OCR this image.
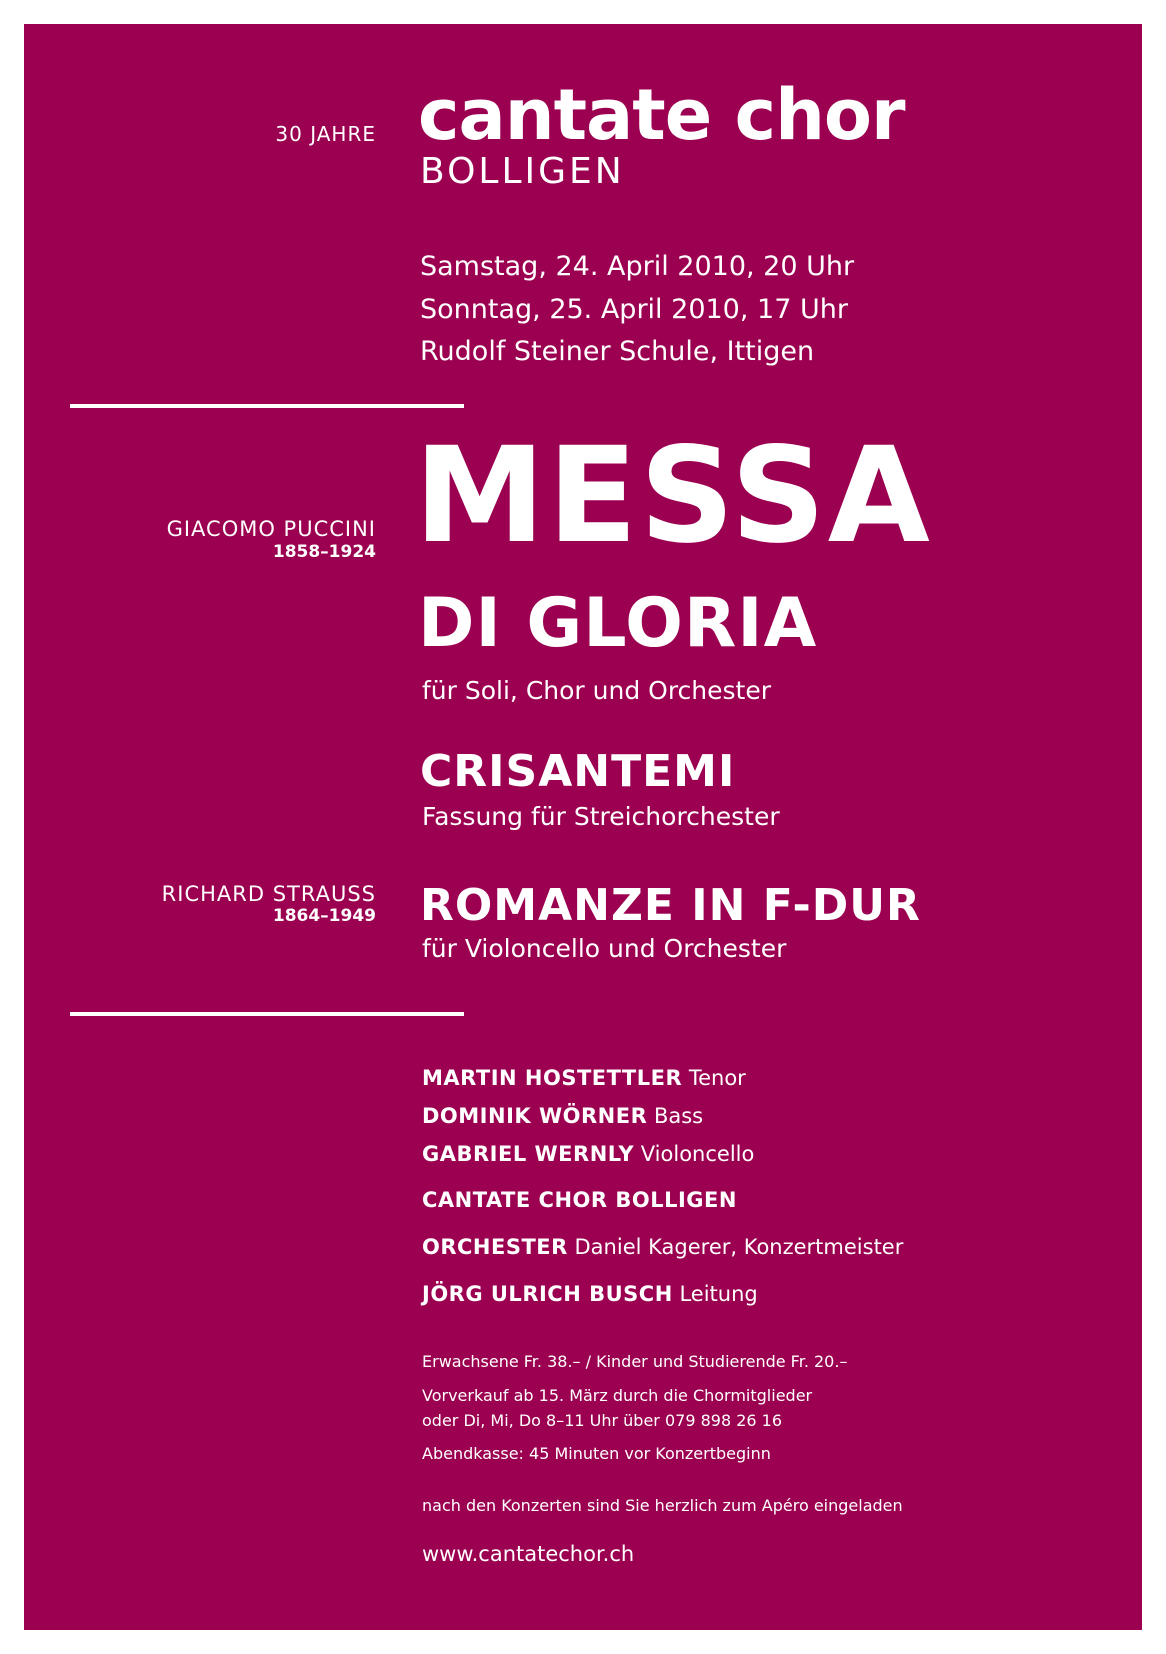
30 JAHRE cantate chor
BOLLIGEN
Samstag, 24. April 2010, 20 Uhr
Sonntag, 25. April 2010, 17 Uhr
Rudolf Steiner Schule, Ittigen
GIACOMO PUCCINI
1858–1924 MESSA
DI GLORIA
für Soli, Chor und Orchester
CRISANTEMI
Fassung für Streichorchester
RICHARD STRAUSS
1864–1949 ROMANZE IN F-DUR
für Violoncello und Orchester
MARTIN HOSTETTLER Tenor
DOMINIK WÖRNER Bass
GABRIEL WERNLY Violoncello
CANTATE CHOR BOLLIGEN
ORCHESTER Daniel Kagerer, Konzertmeister
JÖRG ULRICH BUSCH Leitung
Erwachsene Fr. 38.– / Kinder und Studierende Fr. 20.–
Vorverkauf ab 15. März durch die Chormitglieder
oder Di, Mi, Do 8–11 Uhr über 079 898 26 16
Abendkasse: 45 Minuten vor Konzertbeginn
nach den Konzerten sind Sie herzlich zum Apéro eingeladen
www.cantatechor.ch
